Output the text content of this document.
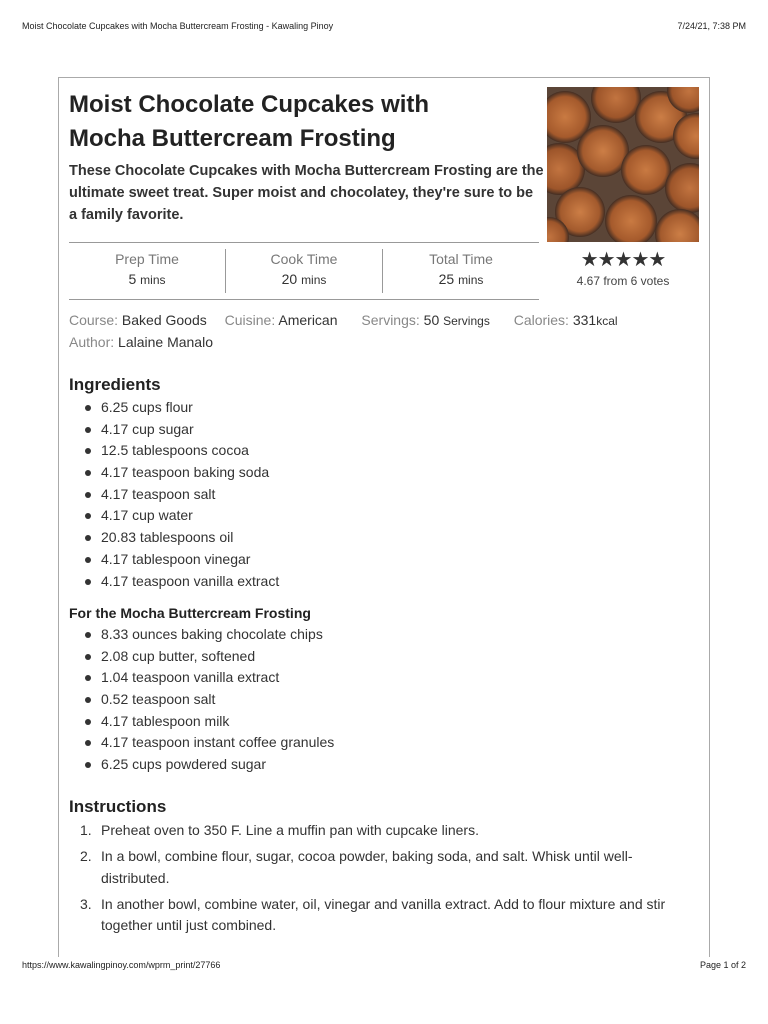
Moist Chocolate Cupcakes with Mocha Buttercream Frosting - Kawaling Pinoy	7/24/21, 7:38 PM
Moist Chocolate Cupcakes with Mocha Buttercream Frosting

These Chocolate Cupcakes with Mocha Buttercream Frosting are the ultimate sweet treat. Super moist and chocolatey, they're sure to be a family favorite.

Prep Time
5 mins
Cook Time
20 mins
Total Time
25 mins
★★★★★
4.67 from 6 votes
Course: Baked Goods Cuisine: American Servings: 50 Servings Calories: 331kcal
Author: Lalaine Manalo
Ingredients
6.25 cups flour
4.17 cup sugar
12.5 tablespoons cocoa
4.17 teaspoon baking soda
4.17 teaspoon salt
4.17 cup water
20.83 tablespoons oil
4.17 tablespoon vinegar
4.17 teaspoon vanilla extract
For the Mocha Buttercream Frosting
8.33 ounces baking chocolate chips
2.08 cup butter, softened
1.04 teaspoon vanilla extract
0.52 teaspoon salt
4.17 tablespoon milk
4.17 teaspoon instant coffee granules
6.25 cups powdered sugar
Instructions
1. Preheat oven to 350 F. Line a muffin pan with cupcake liners.
2. In a bowl, combine flour, sugar, cocoa powder, baking soda, and salt. Whisk until well-distributed.
3. In another bowl, combine water, oil, vinegar and vanilla extract. Add to flour mixture and stir together until just combined.
https://www.kawalingpinoy.com/wprm_print/27766	Page 1 of 2
